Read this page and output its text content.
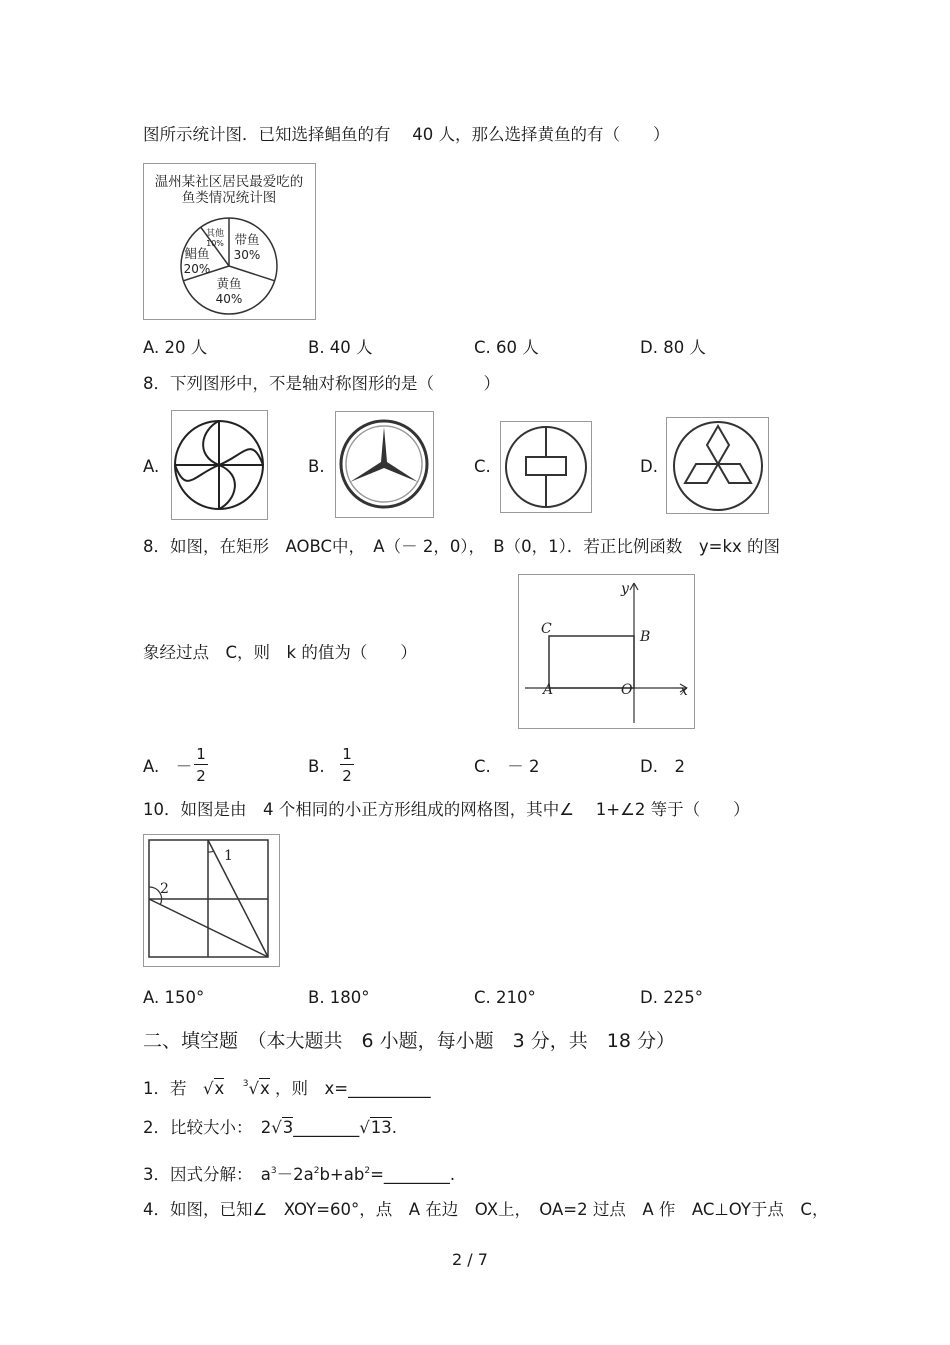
图所示统计图．已知选择鲳鱼的有　 40 人，那么选择黄鱼的有（　　）
温州某社区居民最爱吃的
鱼类情况统计图
带鱼
30%
黄鱼
40%
鲳鱼
20%
其他
10%
A. 20 人	B. 40 人	C. 60 人	D. 80 人
8．下列图形中，不是轴对称图形的是（　　　）
A.	B.	C.	D.
8．如图，在矩形　AOBC中，　A（－ 2，0），　B（0，1）．若正比例函数　y=kx 的图
象经过点　C，则　k 的值为（　　）
y
x
C	B
A	O
A.　－
1
2	B.
1
2	C.　－ 2	D.　2
10．如图是由　4 个相同的小正方形组成的网格图，其中∠　 1+∠2 等于（　　）
1
2
A. 150°	B. 180°	C. 210°	D. 225°
二、填空题　（本大题共　6 小题，每小题　3 分，共　18 分）
1．若 √x $^3$√x ，则　x=__________
2．比较大小：　2√3________√13.
3．因式分解：　$a^3-2a^2b+ab^2=\_\_\_\_\_\_\_\_$.
4．如图，已知∠　XOY=60°，点　A 在边　OX上，　OA=2 过点　A 作　AC⊥OY于点　C，
2 / 7
